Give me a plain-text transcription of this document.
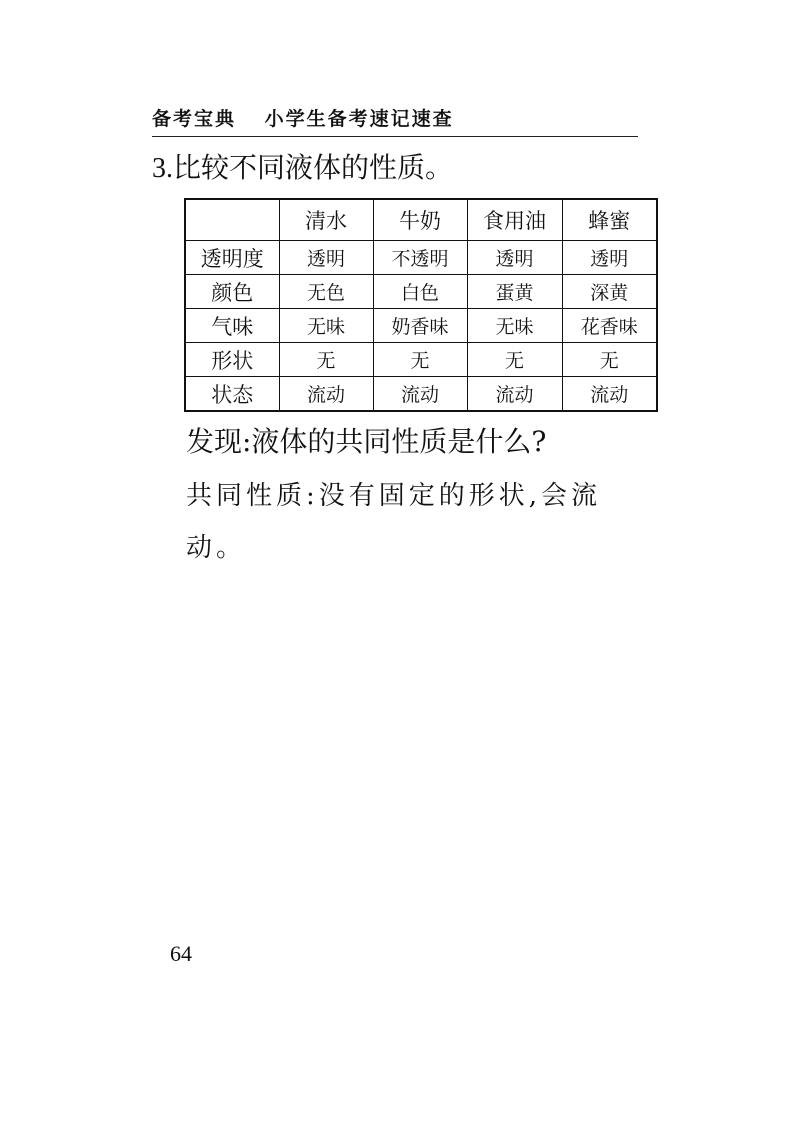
备考宝典 小学生备考速记速查
3.比较不同液体的性质。
	清水	牛奶	食用油	蜂蜜
透明度	透明	不透明	透明	透明
颜色	无色	白色	蛋黄	深黄
气味	无味	奶香味	无味	花香味
形状	无	无	无	无
状态	流动	流动	流动	流动
发现:液体的共同性质是什么?
共同性质:没有固定的形状,会流动。
64
